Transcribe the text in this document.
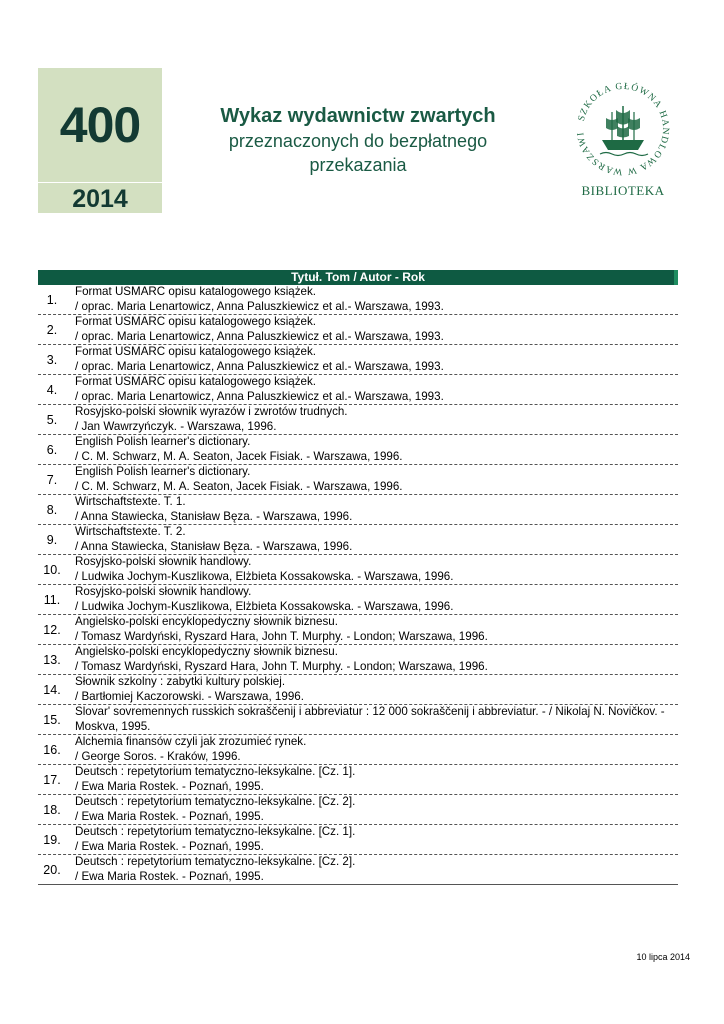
400
2014
Wykaz wydawnictw zwartych
przeznaczonych do bezpłatnego
przekazania
SZKOŁA GŁÓWNA HANDLOWA W WARSZAWI
BIBLIOTEKA
Tytuł. Tom / Autor - Rok
1.
Format USMARC opisu katalogowego książek.
/ oprac. Maria Lenartowicz, Anna Paluszkiewicz et al.- Warszawa, 1993.
2.
Format USMARC opisu katalogowego książek.
/ oprac. Maria Lenartowicz, Anna Paluszkiewicz et al.- Warszawa, 1993.
3.
Format USMARC opisu katalogowego książek.
/ oprac. Maria Lenartowicz, Anna Paluszkiewicz et al.- Warszawa, 1993.
4.
Format USMARC opisu katalogowego książek.
/ oprac. Maria Lenartowicz, Anna Paluszkiewicz et al.- Warszawa, 1993.
5.
Rosyjsko-polski słownik wyrazów i zwrotów trudnych.
/ Jan Wawrzyńczyk. - Warszawa, 1996.
6.
English Polish learner's dictionary.
/ C. M. Schwarz, M. A. Seaton, Jacek Fisiak. - Warszawa, 1996.
7.
English Polish learner's dictionary.
/ C. M. Schwarz, M. A. Seaton, Jacek Fisiak. - Warszawa, 1996.
8.
Wirtschaftstexte. T. 1.
/ Anna Stawiecka, Stanisław Bęza. - Warszawa, 1996.
9.
Wirtschaftstexte. T. 2.
/ Anna Stawiecka, Stanisław Bęza. - Warszawa, 1996.
10.
Rosyjsko-polski słownik handlowy.
/ Ludwika Jochym-Kuszlikowa, Elżbieta Kossakowska. - Warszawa, 1996.
11.
Rosyjsko-polski słownik handlowy.
/ Ludwika Jochym-Kuszlikowa, Elżbieta Kossakowska. - Warszawa, 1996.
12.
Angielsko-polski encyklopedyczny słownik biznesu.
/ Tomasz Wardyński, Ryszard Hara, John T. Murphy. - London; Warszawa, 1996.
13.
Angielsko-polski encyklopedyczny słownik biznesu.
/ Tomasz Wardyński, Ryszard Hara, John T. Murphy. - London; Warszawa, 1996.
14.
Słownik szkolny : zabytki kultury polskiej.
/ Bartłomiej Kaczorowski. - Warszawa, 1996.
15.
Slovar' sovremennych russkich sokraščenij i abbreviatur : 12 000 sokraščenij i abbreviatur. - / Nikolaj N. Novičkov. -
Moskva, 1995.
16.
Alchemia finansów czyli jak zrozumieć rynek.
/ George Soros. - Kraków, 1996.
17.
Deutsch : repetytorium tematyczno-leksykalne. [Cz. 1].
/ Ewa Maria Rostek. - Poznań, 1995.
18.
Deutsch : repetytorium tematyczno-leksykalne. [Cz. 2].
/ Ewa Maria Rostek. - Poznań, 1995.
19.
Deutsch : repetytorium tematyczno-leksykalne. [Cz. 1].
/ Ewa Maria Rostek. - Poznań, 1995.
20.
Deutsch : repetytorium tematyczno-leksykalne. [Cz. 2].
/ Ewa Maria Rostek. - Poznań, 1995.
10 lipca 2014
